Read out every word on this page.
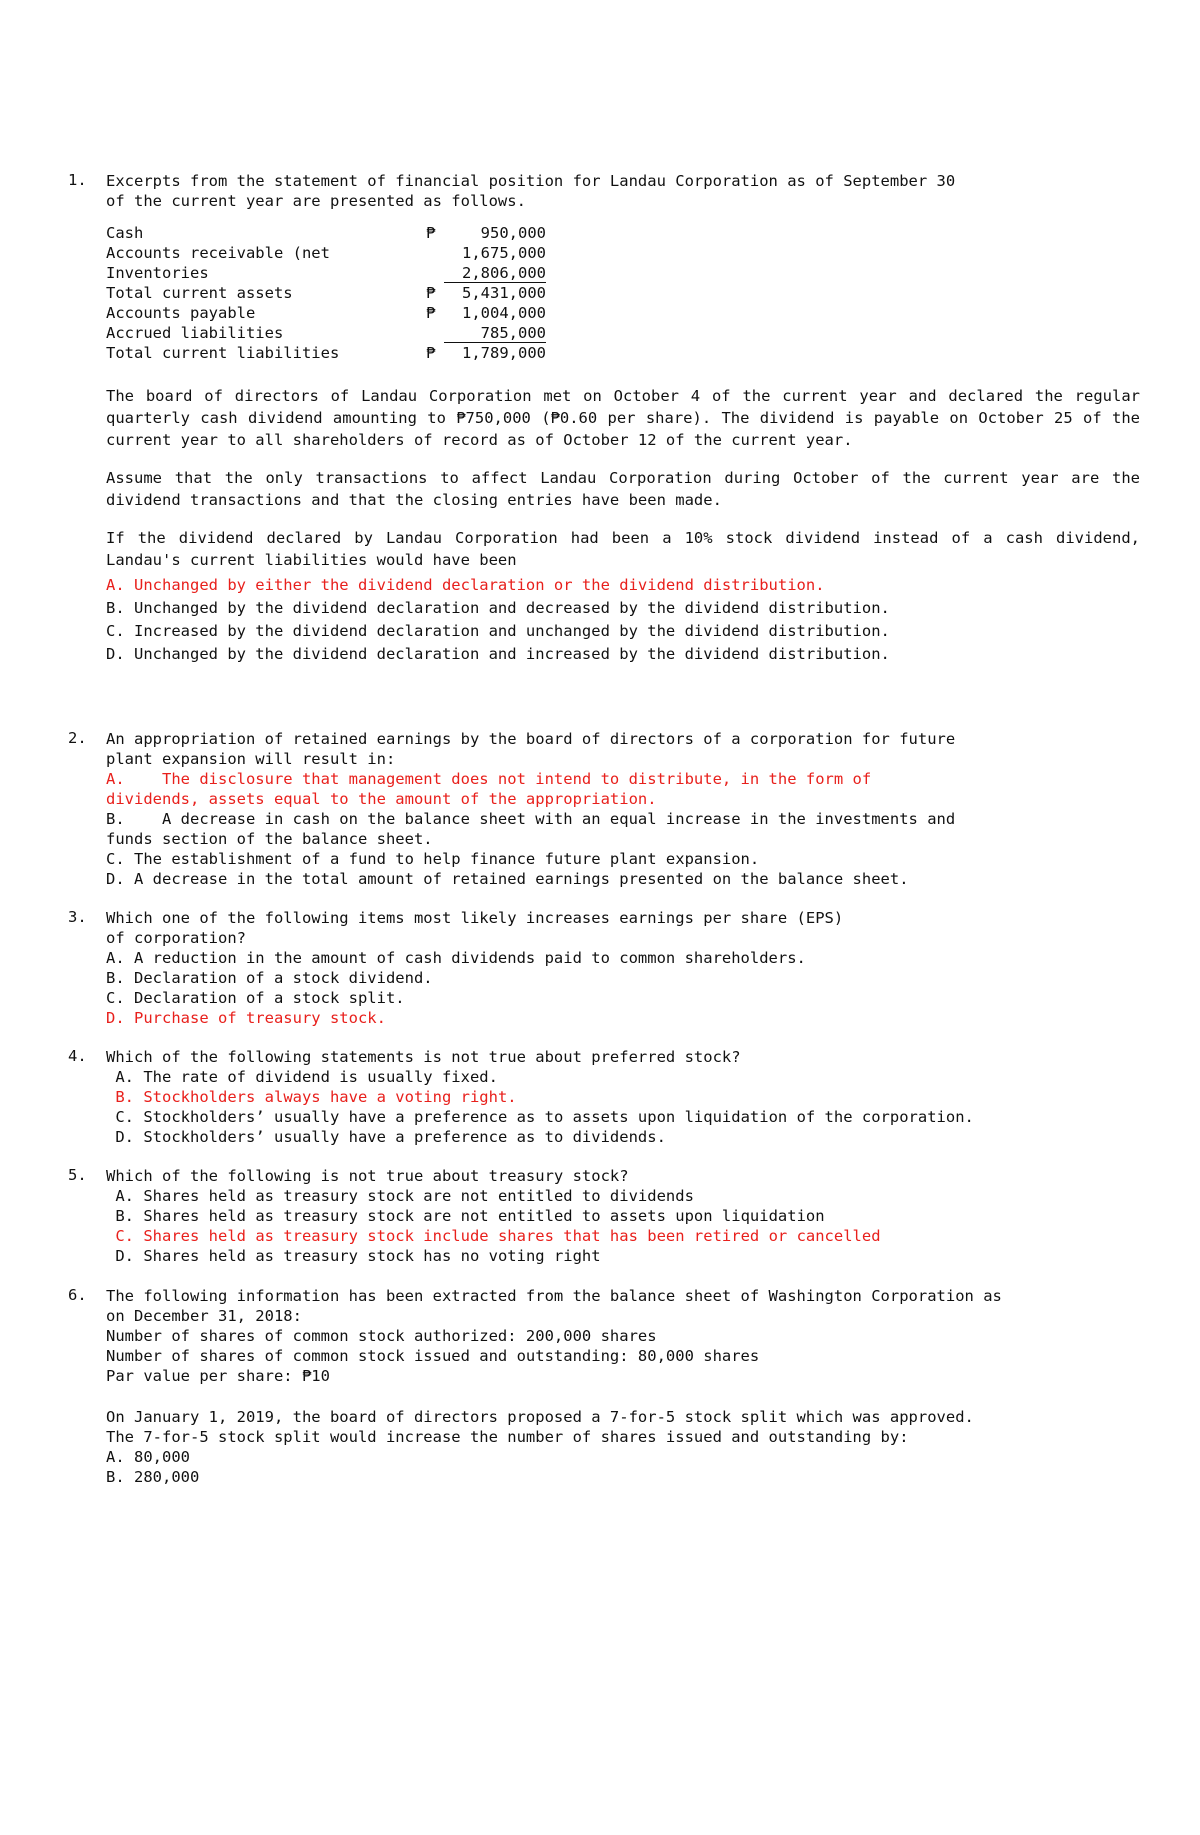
1. Excerpts from the statement of financial position for Landau Corporation as of September 30
of the current year are presented as follows.
Cash	₱	950,000
Accounts receivable (net		1,675,000
Inventories		2,806,000
Total current assets	₱	5,431,000
Accounts payable	₱	1,004,000
Accrued liabilities		785,000
Total current liabilities	₱	1,789,000
The board of directors of Landau Corporation met on October 4 of the current year and declared the regular quarterly cash dividend amounting to ₱750,000 (₱0.60 per share). The dividend is payable on October 25 of the current year to all shareholders of record as of October 12 of the current year.
Assume that the only transactions to affect Landau Corporation during October of the current year are the dividend transactions and that the closing entries have been made.
If the dividend declared by Landau Corporation had been a 10% stock dividend instead of a cash dividend, Landau's current liabilities would have been
A. Unchanged by either the dividend declaration or the dividend distribution.
B. Unchanged by the dividend declaration and decreased by the dividend distribution.
C. Increased by the dividend declaration and unchanged by the dividend distribution.
D. Unchanged by the dividend declaration and increased by the dividend distribution.
2. An appropriation of retained earnings by the board of directors of a corporation for future
plant expansion will result in:
A.    The disclosure that management does not intend to distribute, in the form of
dividends, assets equal to the amount of the appropriation.
B.    A decrease in cash on the balance sheet with an equal increase in the investments and
funds section of the balance sheet.
C. The establishment of a fund to help finance future plant expansion.
D. A decrease in the total amount of retained earnings presented on the balance sheet.
3. Which one of the following items most likely increases earnings per share (EPS)
of corporation?
A. A reduction in the amount of cash dividends paid to common shareholders.
B. Declaration of a stock dividend.
C. Declaration of a stock split.
D. Purchase of treasury stock.
4. Which of the following statements is not true about preferred stock?
A. The rate of dividend is usually fixed.
B. Stockholders always have a voting right.
C. Stockholders’ usually have a preference as to assets upon liquidation of the corporation.
D. Stockholders’ usually have a preference as to dividends.
5. Which of the following is not true about treasury stock?
A. Shares held as treasury stock are not entitled to dividends
B. Shares held as treasury stock are not entitled to assets upon liquidation
C. Shares held as treasury stock include shares that has been retired or cancelled
D. Shares held as treasury stock has no voting right
6. The following information has been extracted from the balance sheet of Washington Corporation as
on December 31, 2018:
Number of shares of common stock authorized: 200,000 shares
Number of shares of common stock issued and outstanding: 80,000 shares
Par value per share: ₱10
On January 1, 2019, the board of directors proposed a 7-for-5 stock split which was approved.
The 7-for-5 stock split would increase the number of shares issued and outstanding by:
A. 80,000
B. 280,000
